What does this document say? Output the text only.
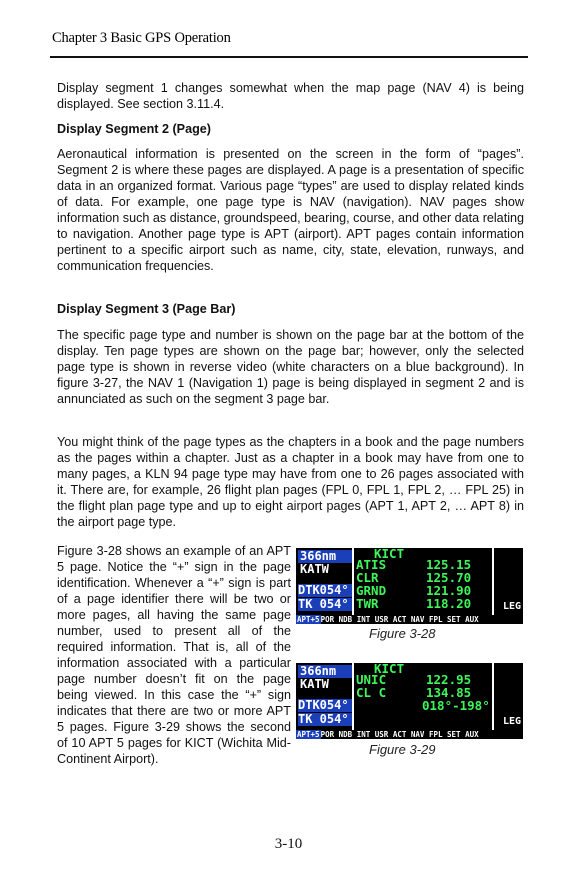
Chapter 3 Basic GPS Operation

Display segment 1 changes somewhat when the map page (NAV 4) is being displayed. See section 3.11.4.

Display Segment 2 (Page)

Aeronautical information is presented on the screen in the form of “pages”. Segment 2 is where these pages are displayed. A page is a presentation of specific data in an organized format. Various page “types” are used to display related kinds of data. For example, one page type is NAV (navigation). NAV pages show information such as distance, groundspeed, bearing, course, and other data relating to navigation. Another page type is APT (airport). APT pages contain information pertinent to a specific airport such as name, city, state, elevation, runways, and communication frequencies.

Display Segment 3 (Page Bar)

The specific page type and number is shown on the page bar at the bottom of the display. Ten page types are shown on the page bar; however, only the selected page type is shown in reverse video (white characters on a blue background). In figure 3-27, the NAV 1 (Navigation 1) page is being displayed in segment 2 and is annunciated as such on the segment 3 page bar.

You might think of the page types as the chapters in a book and the page numbers as the pages within a chapter. Just as a chapter in a book may have from one to many pages, a KLN 94 page type may have from one to 26 pages associated with it. There are, for example, 26 flight plan pages (FPL 0, FPL 1, FPL 2, … FPL 25) in the flight plan page type and up to eight airport pages (APT 1, APT 2, … APT 8) in the airport page type.

Figure 3-28 shows an example of an APT 5 page. Notice the “+” sign in the page identification. Whenever a “+” sign is part of a page identifier there will be two or more pages, all having the same page number, used to present all of the required information. That is, all of the information associated with a particular page number doesn’t fit on the page being viewed. In this case the “+” sign indicates that there are two or more APT 5 pages. Figure 3-29 shows the second of 10 APT 5 pages for KICT (Wichita Mid-Continent Airport).

366nm
KATW
DTK054°
TK 054°
KICT
ATIS	125.15
CLR	125.70
GRND	121.90
TWR	118.20	LEG
APT+5POR NDB INT USR ACT NAV FPL SET AUX
Figure 3-28
366nm
KATW
DTK054°
TK 054°
KICT
UNIC	122.95
CL C	134.85
018°-198°
LEG
APT+5POR NDB INT USR ACT NAV FPL SET AUX
Figure 3-29
3-10
